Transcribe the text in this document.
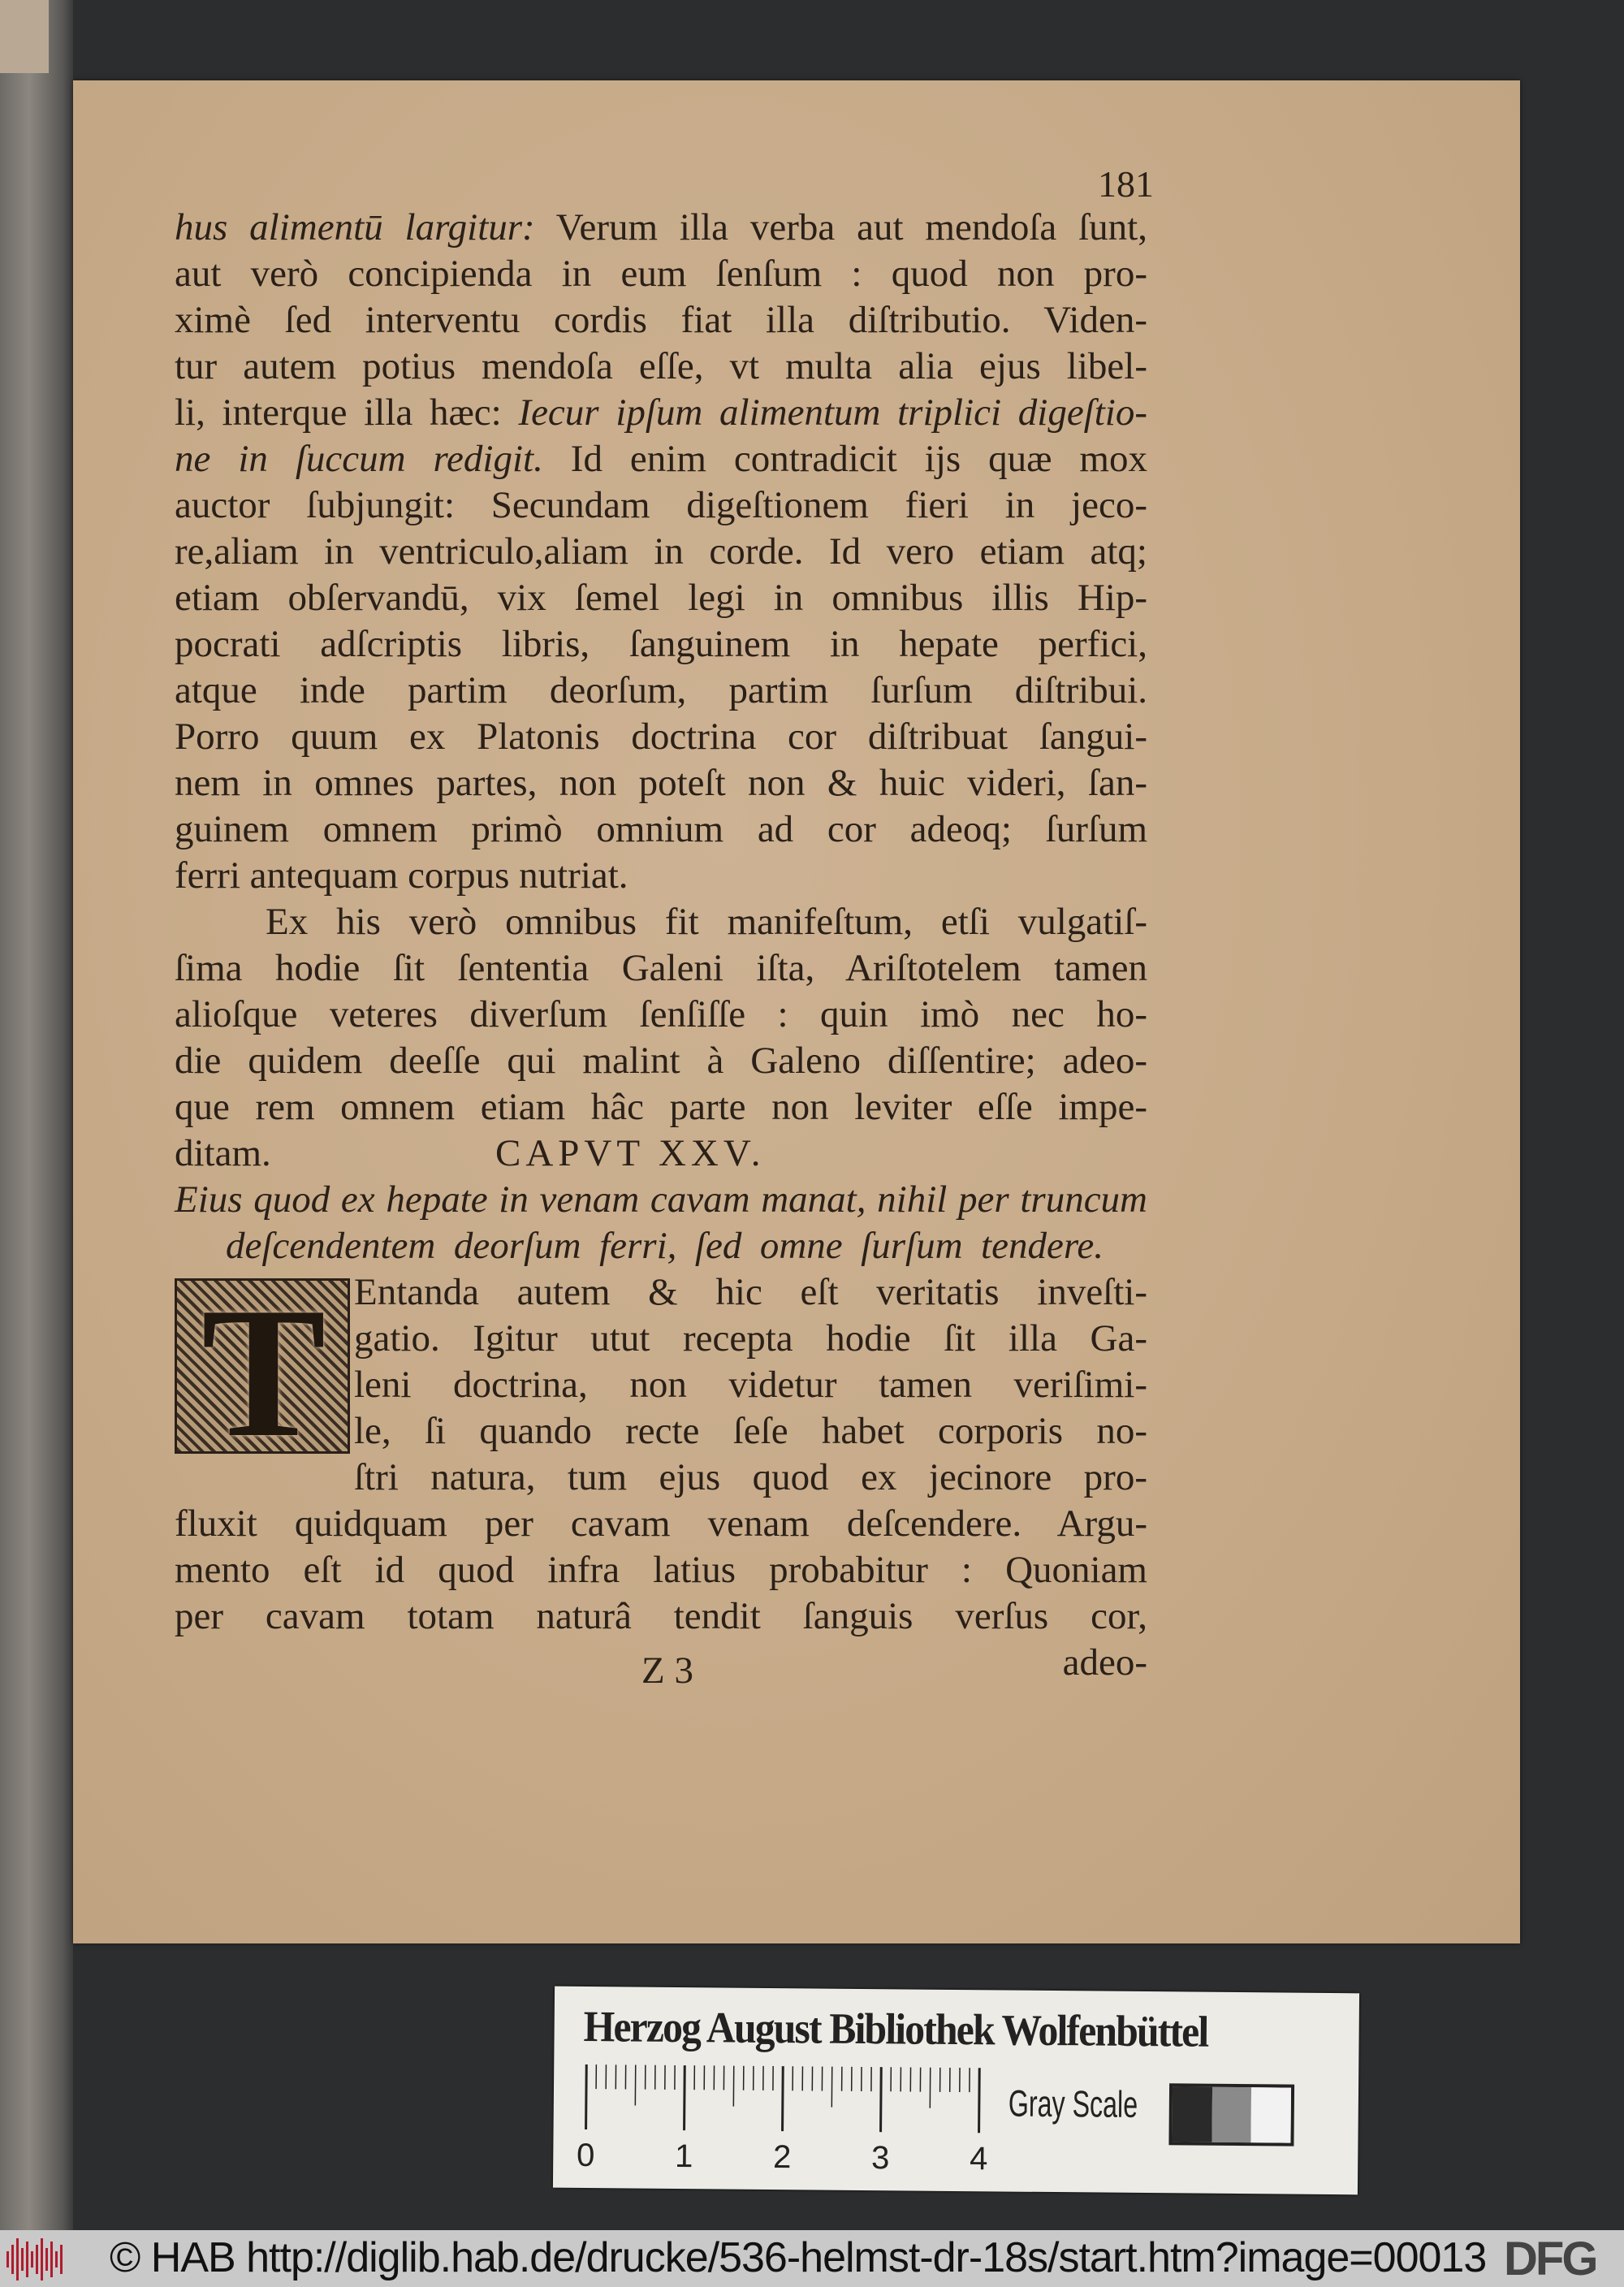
181
T
hus alimentū largitur: Verum illa verba aut mendoſa ſunt,
aut verò concipienda in eum ſenſum : quod non pro-
ximè ſed interventu cordis fiat illa diſtributio. Viden-
tur autem potius mendoſa eſſe, vt multa alia ejus libel-
li, interque illa hæc: Iecur ipſum alimentum triplici digeſtio-
ne in ſuccum redigit. Id enim contradicit ijs quæ mox
auctor ſubjungit: Secundam digeſtionem fieri in jeco-
re,aliam in ventriculo,aliam in corde. Id vero etiam atq;
etiam obſervandū, vix ſemel legi in omnibus illis Hip-
pocrati adſcriptis libris, ſanguinem in hepate perfici,
atque inde partim deorſum, partim ſurſum diſtribui.
Porro quum ex Platonis doctrina cor diſtribuat ſangui-
nem in omnes partes, non poteſt non & huic videri, ſan-
guinem omnem primò omnium ad cor adeoq; ſurſum
ferri antequam corpus nutriat.
Ex his verò omnibus fit manifeſtum, etſi vulgatiſ-
ſima hodie ſit ſententia Galeni iſta, Ariſtotelem tamen
alioſque veteres diverſum ſenſiſſe : quin imò nec ho-
die quidem deeſſe qui malint à Galeno diſſentire; adeo-
que rem omnem etiam hâc parte non leviter eſſe impe-
ditam.	CAPVT XXV.
Eius quod ex hepate in venam cavam manat, nihil per truncum
deſcendentem deorſum ferri, ſed omne ſurſum tendere.
Entanda autem & hic eſt veritatis inveſti-
gatio. Igitur utut recepta hodie ſit illa Ga-
leni doctrina, non videtur tamen veriſimi-
le, ſi quando recte ſeſe habet corporis no-
ſtri natura, tum ejus quod ex jecinore pro-
fluxit quidquam per cavam venam deſcendere. Argu-
mento eſt id quod infra latius probabitur : Quoniam
per cavam totam naturâ tendit ſanguis verſus cor,
Z 3	adeo-
Herzog August Bibliothek Wolfenbüttel
0 1 2 3 4
Gray Scale
© HAB http://diglib.hab.de/drucke/536-helmst-dr-18s/start.htm?image=00013 DFG
